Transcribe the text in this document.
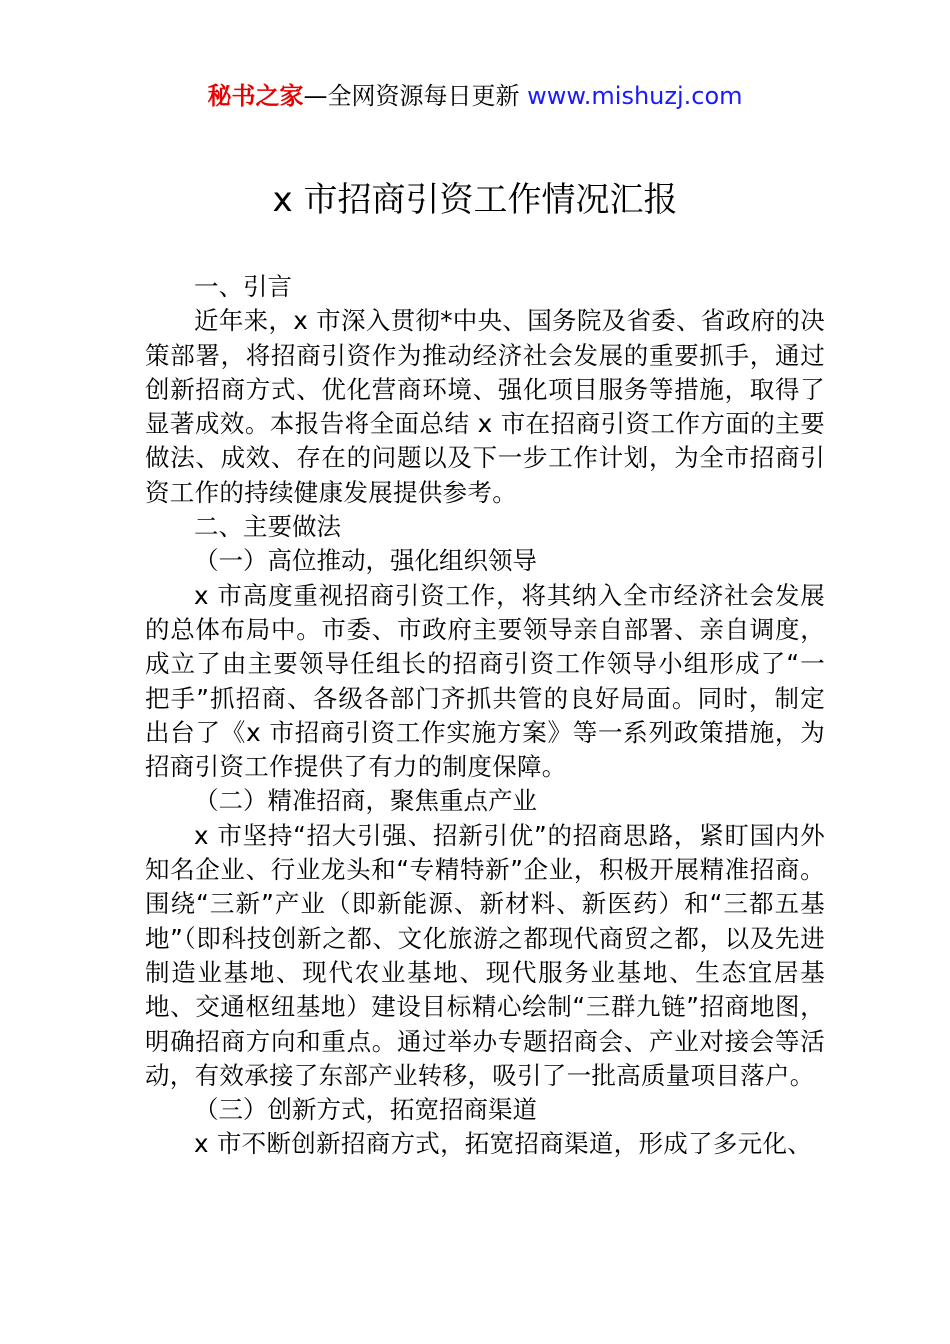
秘书之家—全网资源每日更新 www.mishuzj.com
x 市招商引资工作情况汇报

一、引言

近年来，x 市深入贯彻*中央、国务院及省委、省政府的决策部署，将招商引资作为推动经济社会发展的重要抓手，通过创新招商方式、优化营商环境、强化项目服务等措施，取得了显著成效。本报告将全面总结 x 市在招商引资工作方面的主要做法、成效、存在的问题以及下一步工作计划，为全市招商引资工作的持续健康发展提供参考。

二、主要做法

（一）高位推动，强化组织领导

x 市高度重视招商引资工作，将其纳入全市经济社会发展的总体布局中。市委、市政府主要领导亲自部署、亲自调度，成立了由主要领导任组长的招商引资工作领导小组形成了“一把手”抓招商、各级各部门齐抓共管的良好局面。同时，制定出台了《x 市招商引资工作实施方案》等一系列政策措施，为招商引资工作提供了有力的制度保障。

（二）精准招商，聚焦重点产业

x 市坚持“招大引强、招新引优”的招商思路，紧盯国内外知名企业、行业龙头和“专精特新”企业，积极开展精准招商。围绕“三新”产业（即新能源、新材料、新医药）和“三都五基地”（即科技创新之都、文化旅游之都现代商贸之都，以及先进制造业基地、现代农业基地、现代服务业基地、生态宜居基地、交通枢纽基地）建设目标精心绘制“三群九链”招商地图，明确招商方向和重点。通过举办专题招商会、产业对接会等活动，有效承接了东部产业转移，吸引了一批高质量项目落户。

（三）创新方式，拓宽招商渠道

x 市不断创新招商方式，拓宽招商渠道，形成了多元化、
